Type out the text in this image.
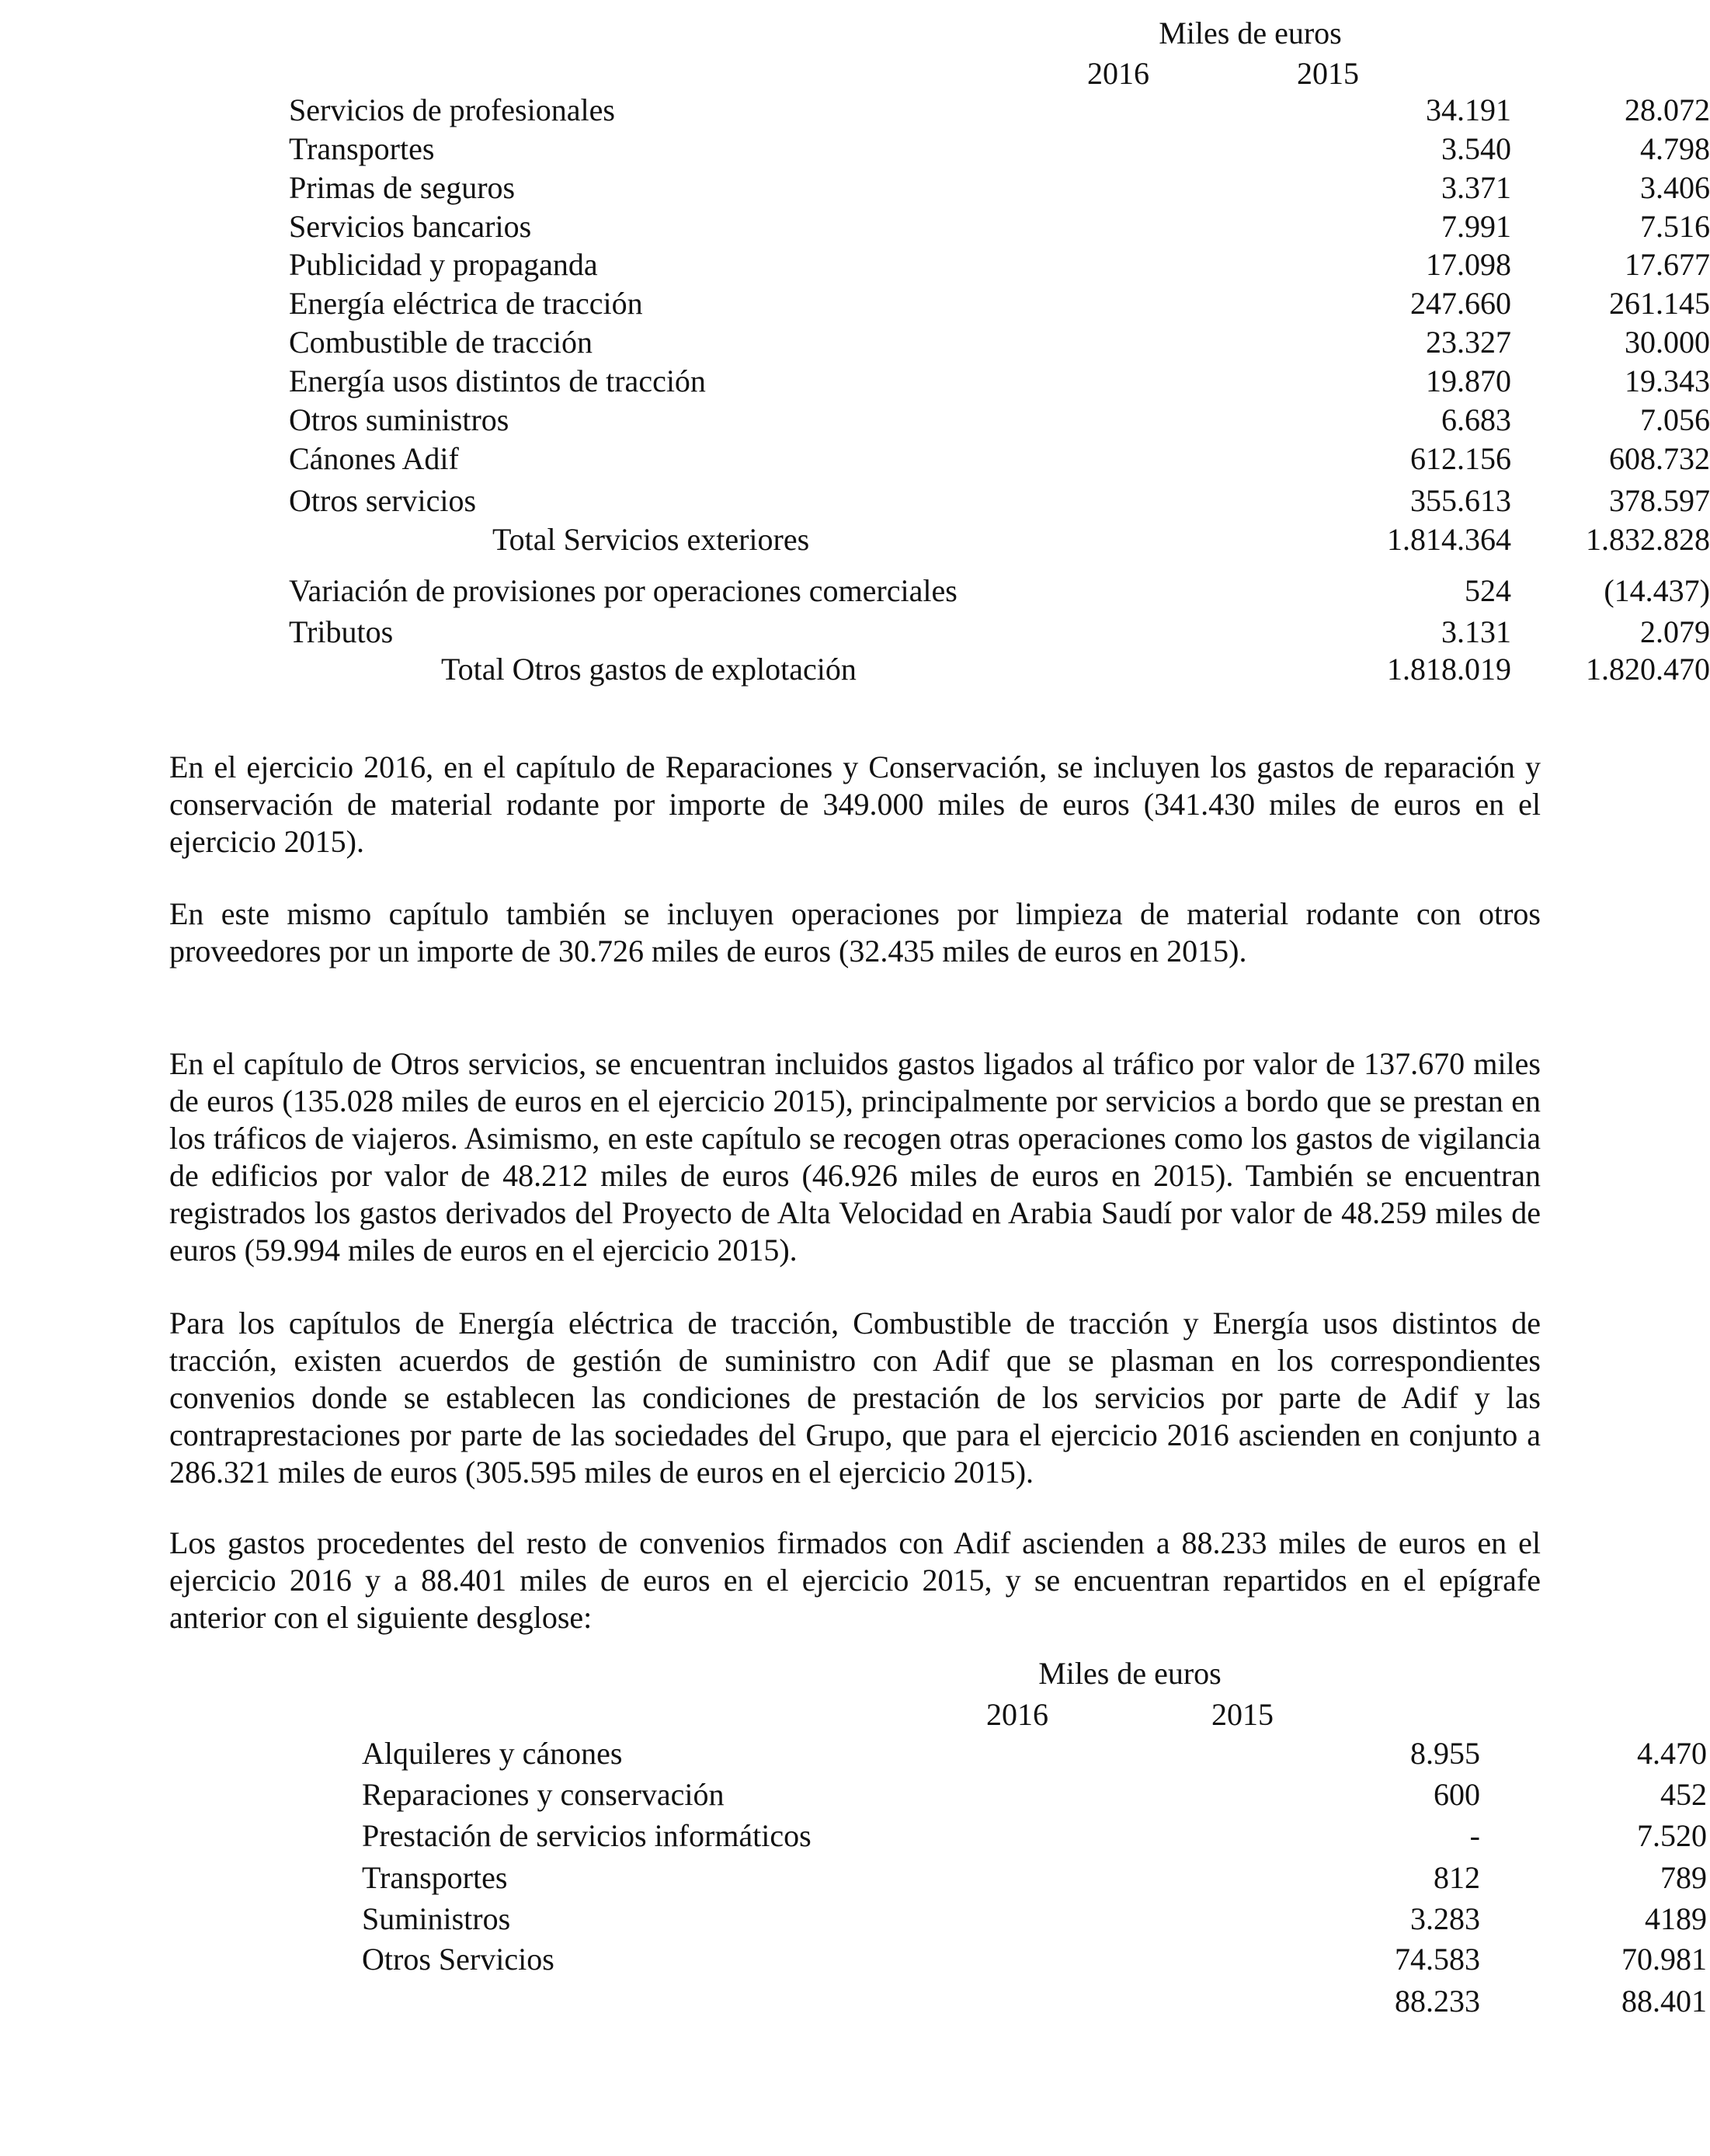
Miles de euros
2016	2015
Servicios de profesionales	34.191	28.072
Transportes	3.540	4.798
Primas de seguros	3.371	3.406
Servicios bancarios	7.991	7.516
Publicidad y propaganda	17.098	17.677
Energía eléctrica de tracción	247.660	261.145
Combustible de tracción	23.327	30.000
Energía usos distintos de tracción	19.870	19.343
Otros suministros	6.683	7.056
Cánones Adif	612.156	608.732
Otros servicios	355.613	378.597
Total Servicios exteriores	1.814.364	1.832.828
Variación de provisiones por operaciones comerciales	524	(14.437)
Tributos	3.131	2.079
Total Otros gastos de explotación	1.818.019	1.820.470

En el ejercicio 2016, en el capítulo de Reparaciones y Conservación, se incluyen los gastos de reparación y conservación de material rodante por importe de 349.000 miles de euros (341.430 miles de euros en el ejercicio 2015).

En este mismo capítulo también se incluyen operaciones por limpieza de material rodante con otros proveedores por un importe de 30.726 miles de euros (32.435 miles de euros en 2015).

En el capítulo de Otros servicios, se encuentran incluidos gastos ligados al tráfico por valor de 137.670 miles de euros (135.028 miles de euros en el ejercicio 2015), principalmente por servicios a bordo que se prestan en los tráficos de viajeros. Asimismo, en este capítulo se recogen otras operaciones como los gastos de vigilancia de edificios por valor de 48.212 miles de euros (46.926 miles de euros en 2015). También se encuentran registrados los gastos derivados del Proyecto de Alta Velocidad en Arabia Saudí por valor de 48.259 miles de euros (59.994 miles de euros en el ejercicio 2015).

Para los capítulos de Energía eléctrica de tracción, Combustible de tracción y Energía usos distintos de tracción, existen acuerdos de gestión de suministro con Adif que se plasman en los correspondientes convenios donde se establecen las condiciones de prestación de los servicios por parte de Adif y las contraprestaciones por parte de las sociedades del Grupo, que para el ejercicio 2016 ascienden en conjunto a 286.321 miles de euros (305.595 miles de euros en el ejercicio 2015).

Los gastos procedentes del resto de convenios firmados con Adif ascienden a 88.233 miles de euros en el ejercicio 2016 y a 88.401 miles de euros en el ejercicio 2015, y se encuentran repartidos en el epígrafe anterior con el siguiente desglose:

Miles de euros
2016	2015
Alquileres y cánones	8.955	4.470
Reparaciones y conservación	600	452
Prestación de servicios informáticos	-	7.520
Transportes	812	789
Suministros	3.283	4189
Otros Servicios	74.583	70.981
88.233	88.401
